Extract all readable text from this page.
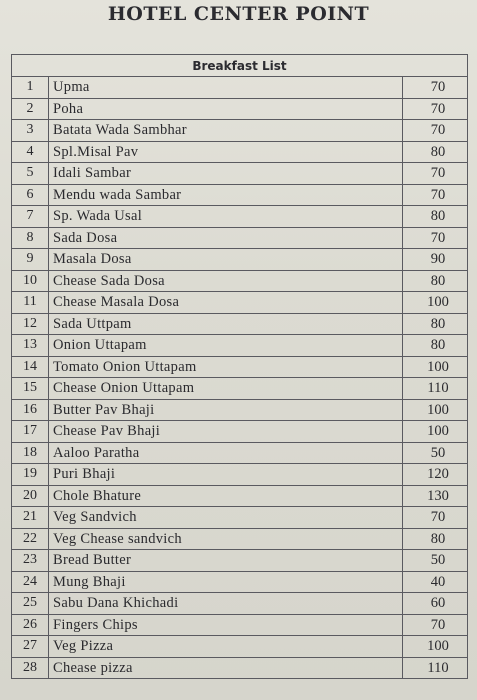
HOTEL CENTER POINT
Breakfast List		
1	Upma	70
2	Poha	70
3	Batata Wada Sambhar	70
4	Spl.Misal Pav	80
5	Idali Sambar	70
6	Mendu wada Sambar	70
7	Sp. Wada Usal	80
8	Sada Dosa	70
9	Masala Dosa	90
10	Chease Sada Dosa	80
11	Chease Masala Dosa	100
12	Sada Uttpam	80
13	Onion Uttapam	80
14	Tomato Onion Uttapam	100
15	Chease Onion Uttapam	110
16	Butter Pav Bhaji	100
17	Chease Pav Bhaji	100
18	Aaloo Paratha	50
19	Puri Bhaji	120
20	Chole Bhature	130
21	Veg Sandvich	70
22	Veg Chease sandvich	80
23	Bread Butter	50
24	Mung Bhaji	40
25	Sabu Dana Khichadi	60
26	Fingers Chips	70
27	Veg Pizza	100
28	Chease pizza	110
